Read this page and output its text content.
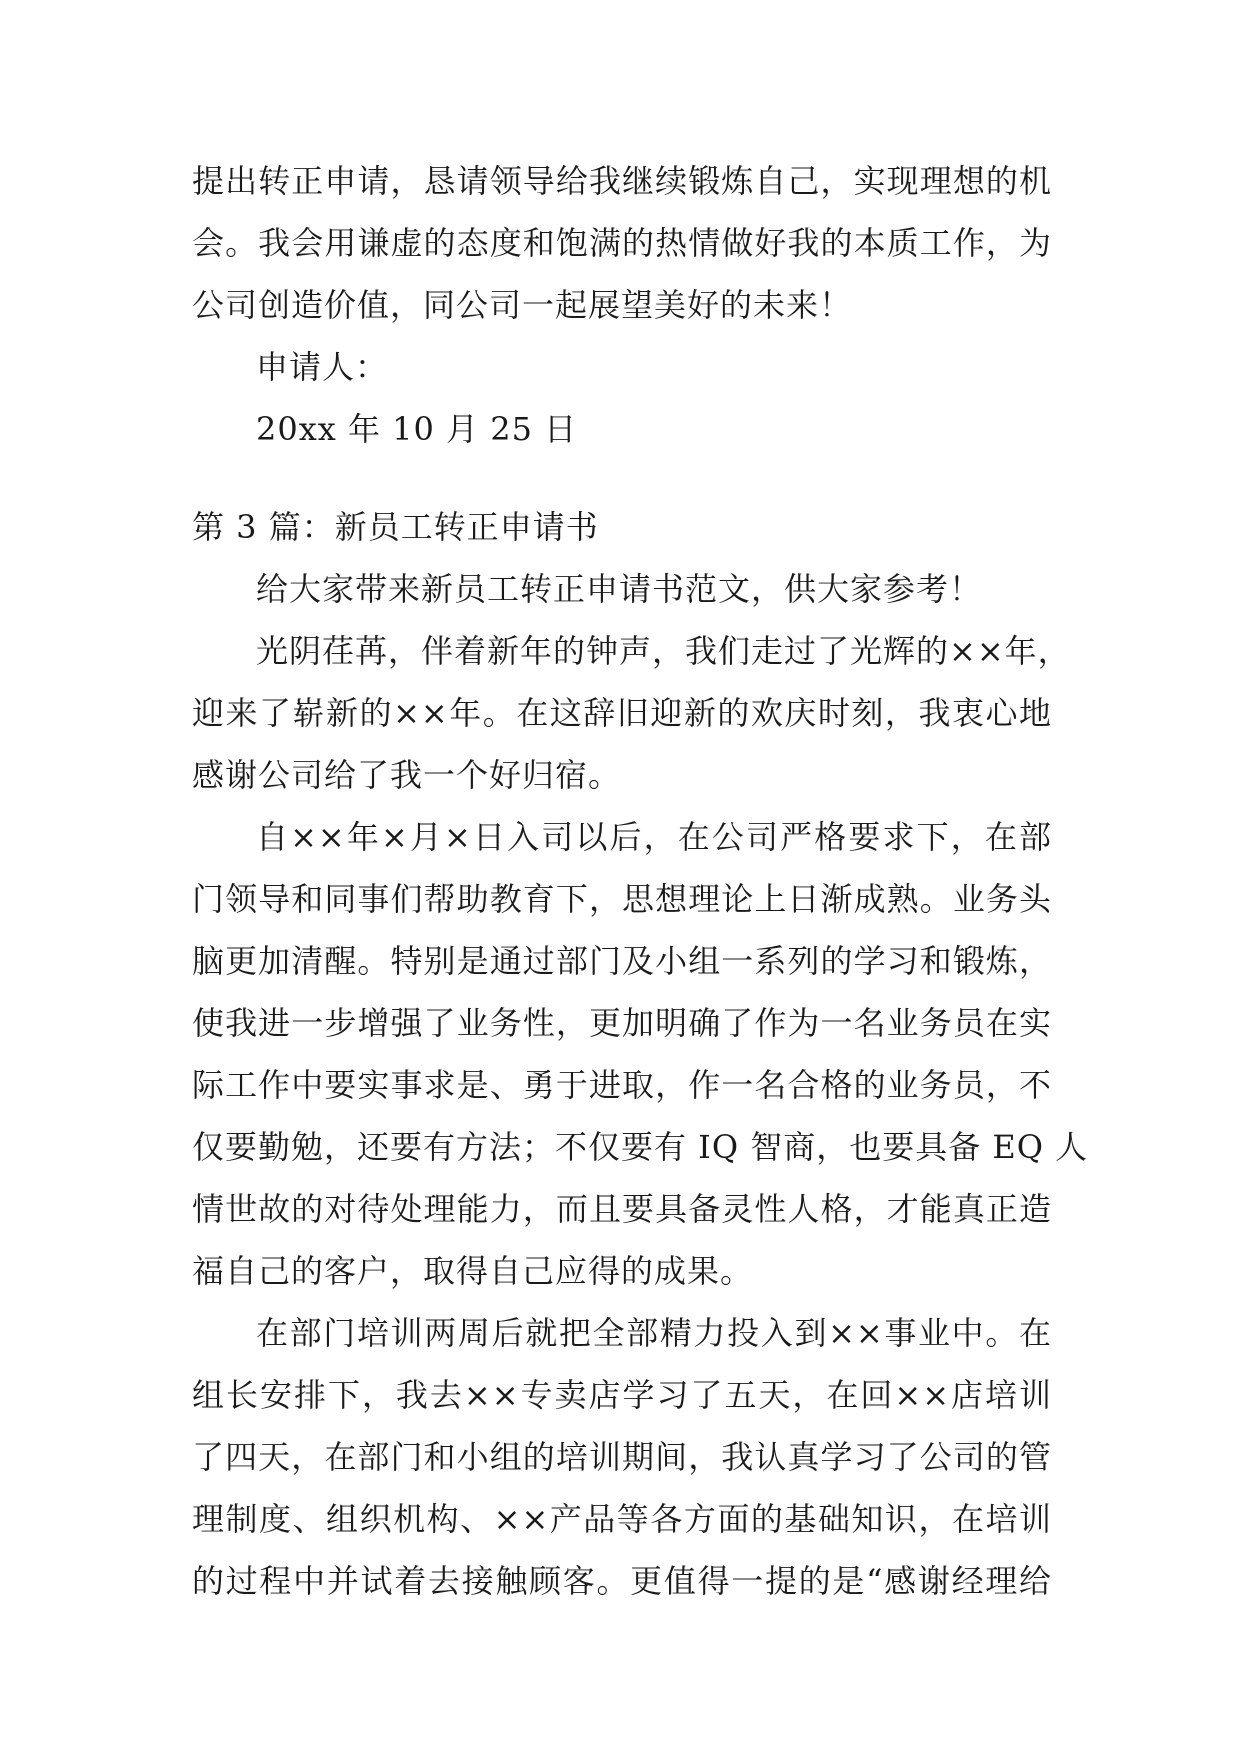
提出转正申请，恳请领导给我继续锻炼自己，实现理想的机
会。我会用谦虚的态度和饱满的热情做好我的本质工作，为
公司创造价值，同公司一起展望美好的未来！
申请人：
20xx 年 10 月 25 日
第 3 篇：新员工转正申请书
给大家带来新员工转正申请书范文，供大家参考！
光阴荏苒，伴着新年的钟声，我们走过了光辉的××年，
迎来了崭新的××年。在这辞旧迎新的欢庆时刻，我衷心地
感谢公司给了我一个好归宿。
自××年×月×日入司以后，在公司严格要求下，在部
门领导和同事们帮助教育下，思想理论上日渐成熟。业务头
脑更加清醒。特别是通过部门及小组一系列的学习和锻炼，
使我进一步增强了业务性，更加明确了作为一名业务员在实
际工作中要实事求是、勇于进取，作一名合格的业务员，不
仅要勤勉，还要有方法；不仅要有 IQ 智商，也要具备 EQ 人
情世故的对待处理能力，而且要具备灵性人格，才能真正造
福自己的客户，取得自己应得的成果。
在部门培训两周后就把全部精力投入到××事业中。在
组长安排下，我去××专卖店学习了五天，在回××店培训
了四天，在部门和小组的培训期间，我认真学习了公司的管
理制度、组织机构、××产品等各方面的基础知识，在培训
的过程中并试着去接触顾客。更值得一提的是“感谢经理给
